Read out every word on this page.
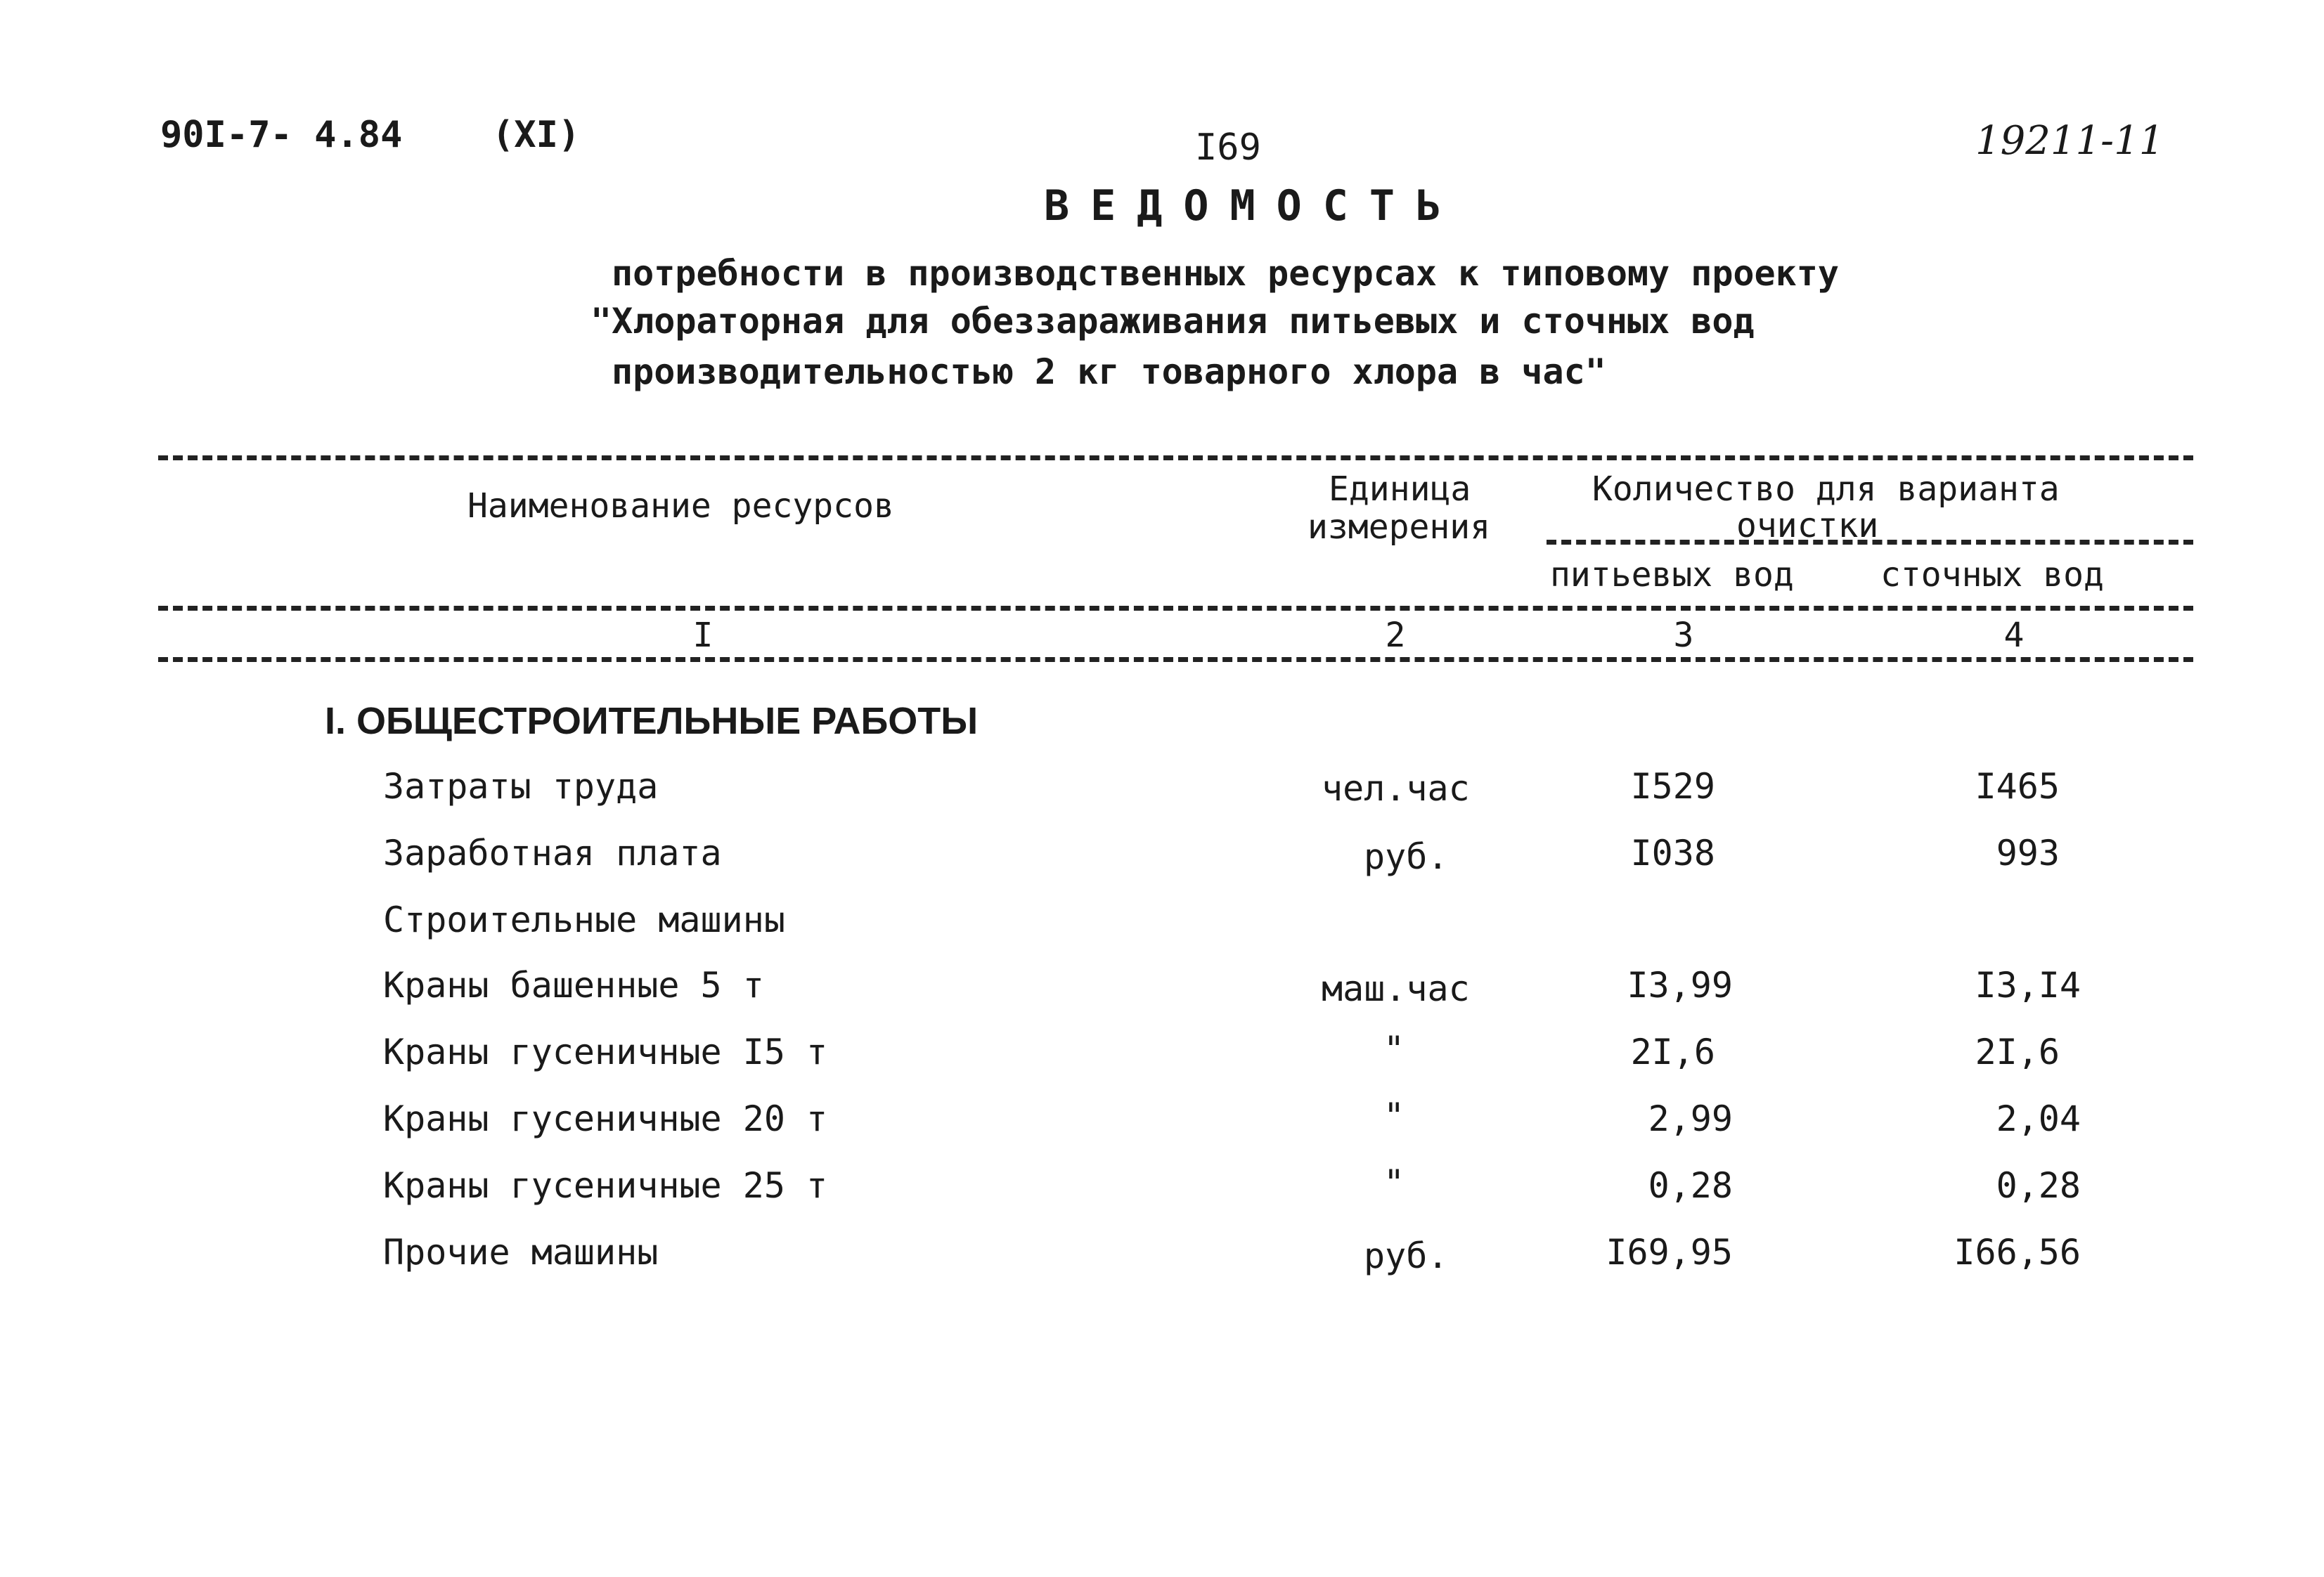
90I-7- 4.84 (XI)	I69	19211-11
ВЕДОМОСТЬ
потребности в производственных ресурсах к типовому проекту
"Хлораторная для обеззараживания питьевых и сточных вод
производительностью 2 кг товарного хлора в час"
Наименование ресурсов	Единица
измерения
Количество для варианта
очистки
питьевых вод	сточных вод
I	2	3	4
I. ОБЩЕСТРОИТЕЛЬНЫЕ РАБОТЫ
Затраты труда	чел.час	I529	I465
Заработная плата	руб.	I038	993
Строительные машины
Краны башенные 5 т	маш.час	I3,99	I3,I4
Краны гусеничные I5 т	"	2I,6	2I,6
Краны гусеничные 20 т	"	2,99	2,04
Краны гусеничные 25 т	"	0,28	0,28
Прочие машины	руб.	I69,95	I66,56
